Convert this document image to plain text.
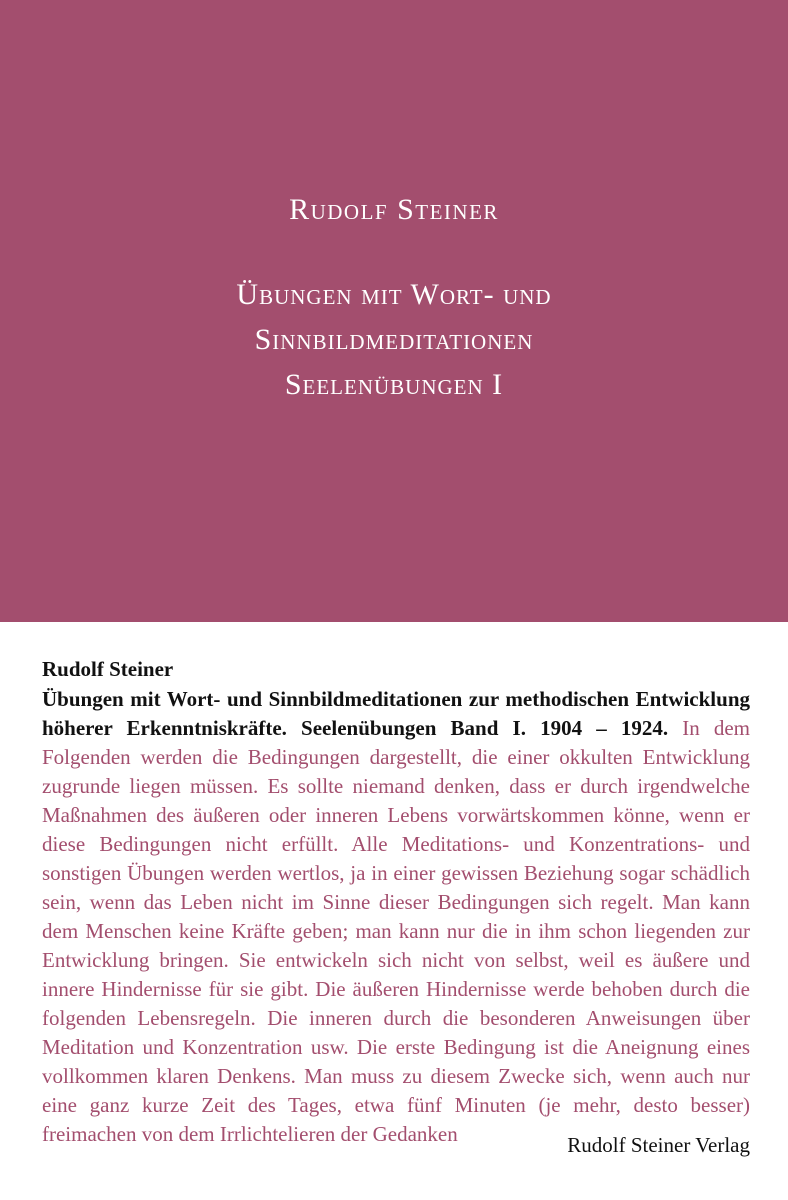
Rudolf Steiner
Übungen mit Wort- und
Sinnbildmeditationen
Seelenübungen I
Rudolf Steiner

Übungen mit Wort- und Sinnbildmeditationen zur methodischen Entwicklung höherer Erkenntniskräfte. Seelenübungen Band I. 1904 – 1924. In dem Folgenden werden die Bedingungen dargestellt, die einer okkulten Entwicklung zugrunde liegen müssen. Es sollte niemand denken, dass er durch irgendwelche Maßnahmen des äußeren oder inneren Lebens vorwärtskommen könne, wenn er diese Bedingungen nicht erfüllt. Alle Meditations- und Konzentrations- und sonstigen Übungen werden wertlos, ja in einer gewissen Beziehung sogar schädlich sein, wenn das Leben nicht im Sinne dieser Bedingungen sich regelt. Man kann dem Menschen keine Kräfte geben; man kann nur die in ihm schon liegenden zur Entwicklung bringen. Sie entwickeln sich nicht von selbst, weil es äußere und innere Hindernisse für sie gibt. Die äußeren Hindernisse werde behoben durch die folgenden Lebensregeln. Die inneren durch die besonderen Anweisungen über Meditation und Konzentration usw. Die erste Bedingung ist die Aneignung eines vollkommen klaren Denkens. Man muss zu diesem Zwecke sich, wenn auch nur eine ganz kurze Zeit des Tages, etwa fünf Minuten (je mehr, desto besser) freimachen von dem Irrlichtelieren der Gedanken	Rudolf Steiner Verlag
